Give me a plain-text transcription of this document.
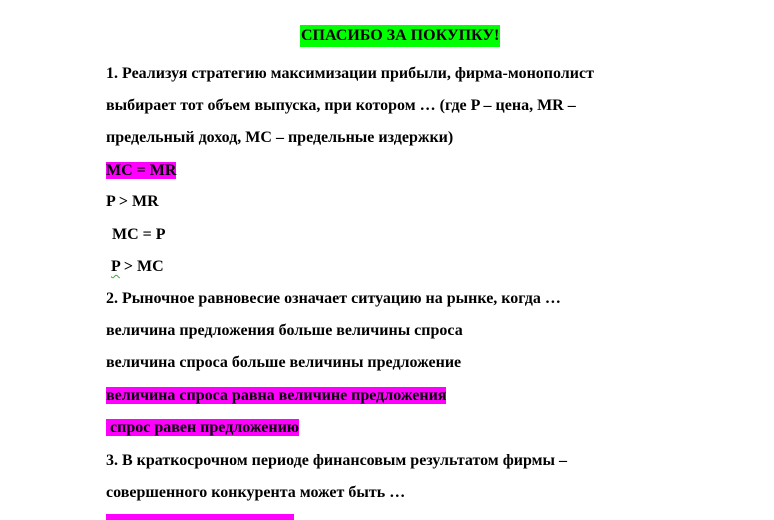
СПАСИБО ЗА ПОКУПКУ!
1. Реализуя стратегию максимизации прибыли, фирма-монополист
выбирает тот объем выпуска, при котором … (где P – цена, MR –
предельный доход, MC – предельные издержки)
MC = MR
P > MR
MC = P
P > MC
2. Рыночное равновесие означает ситуацию на рынке, когда …
величина предложения больше величины спроса
величина спроса больше величины предложение
величина спроса равна величине предложения
спрос равен предложению
3. В краткосрочном периоде финансовым результатом фирмы –
совершенного конкурента может быть …
